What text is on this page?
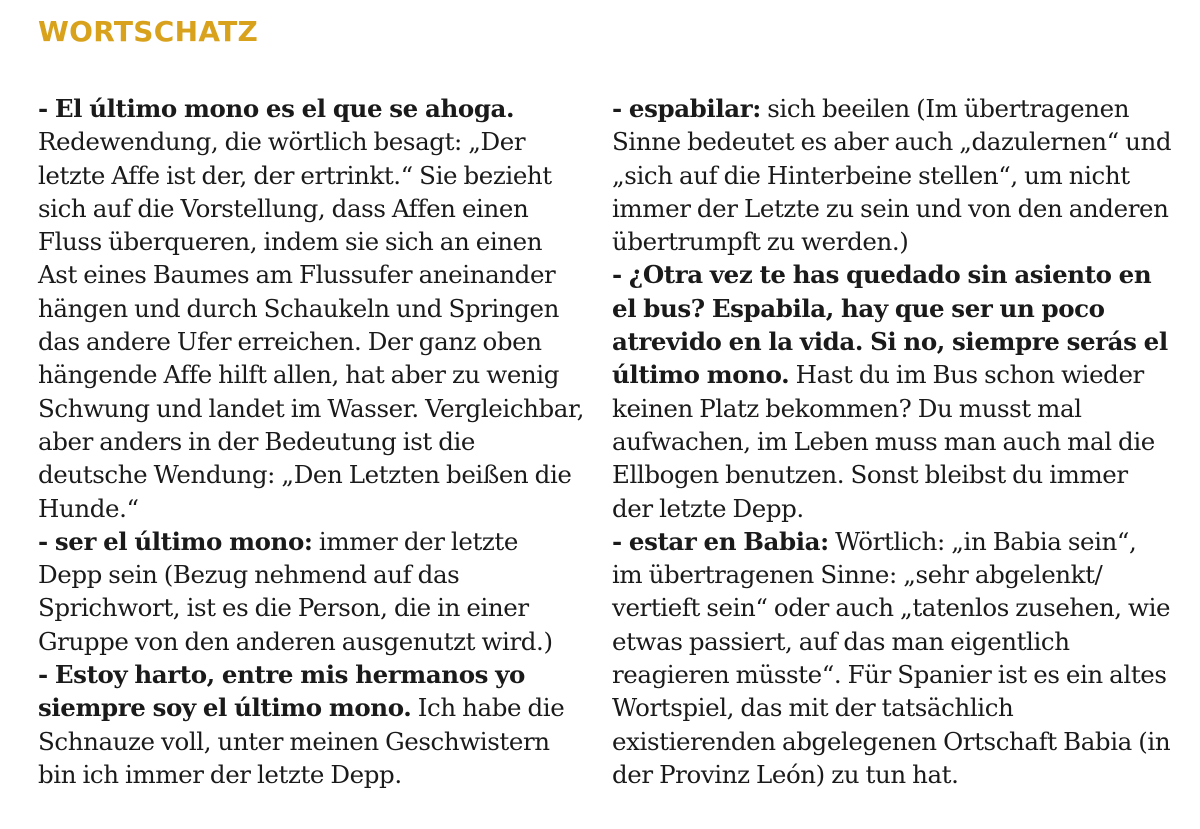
WORTSCHATZ

- El último mono es el que se ahoga. Redewendung, die wörtlich besagt: „Der letzte Affe ist der, der ertrinkt.“ Sie bezieht sich auf die Vorstellung, dass Affen einen Fluss überqueren, indem sie sich an einen Ast eines Baumes am Flussufer aneinander hängen und durch Schaukeln und Springen das andere Ufer erreichen. Der ganz oben hängende Affe hilft allen, hat aber zu wenig Schwung und landet im Wasser. Vergleichbar, aber anders in der Bedeutung ist die deutsche Wendung: „Den Letzten beißen die Hunde.“

- ser el último mono: immer der letzte Depp sein (Bezug nehmend auf das Sprichwort, ist es die Person, die in einer Gruppe von den anderen ausgenutzt wird.)

- Estoy harto, entre mis hermanos yo siempre soy el último mono. Ich habe die Schnauze voll, unter meinen Geschwistern bin ich immer der letzte Depp.

- espabilar: sich beeilen (Im übertragenen Sinne bedeutet es aber auch „dazulernen“ und „sich auf die Hinterbeine stellen“, um nicht immer der Letzte zu sein und von den anderen übertrumpft zu werden.)

- ¿Otra vez te has quedado sin asiento en el bus? Espabila, hay que ser un poco atrevido en la vida. Si no, siempre serás el último mono. Hast du im Bus schon wieder keinen Platz bekommen? Du musst mal aufwachen, im Leben muss man auch mal die Ellbogen benutzen. Sonst bleibst du immer der letzte Depp.

- estar en Babia: Wörtlich: „in Babia sein“, im übertragenen Sinne: „sehr abgelenkt/ vertieft sein“ oder auch „tatenlos zusehen, wie etwas passiert, auf das man eigentlich reagieren müsste“. Für Spanier ist es ein altes Wortspiel, das mit der tatsächlich existierenden abgelegenen Ortschaft Babia (in der Provinz León) zu tun hat.
